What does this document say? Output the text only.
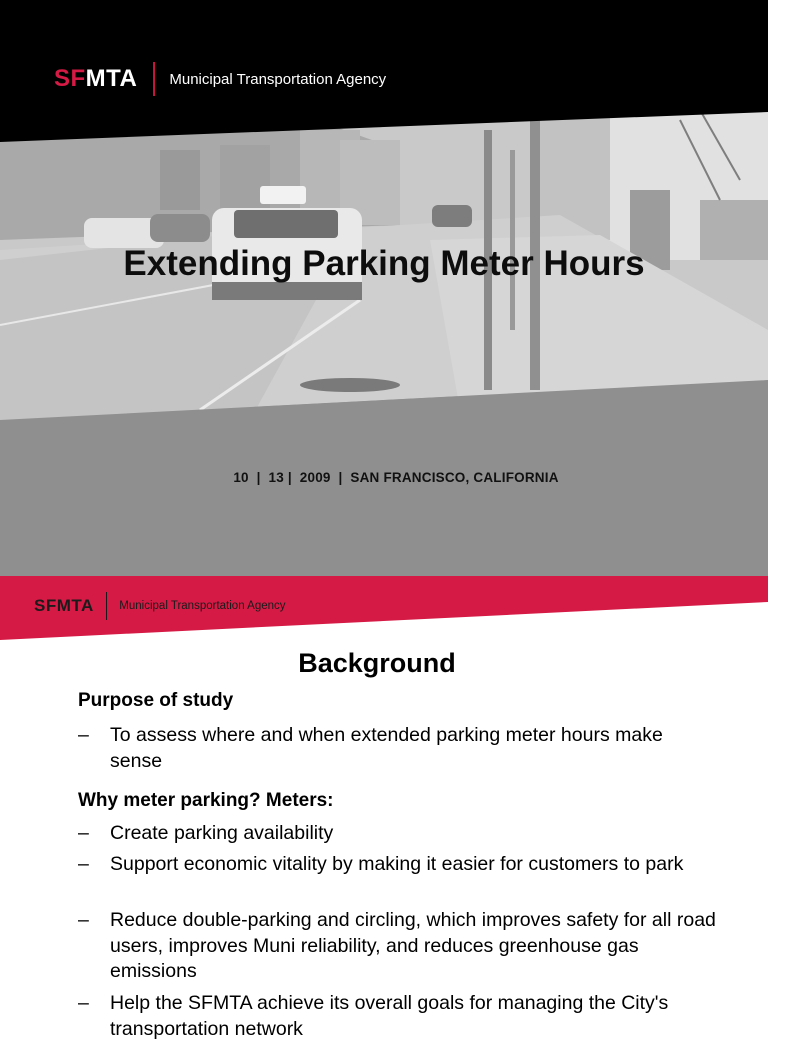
SF MTA Municipal Transportation Agency
Extending Parking Meter Hours
10  |  13 |  2009  |  SAN FRANCISCO, CALIFORNIA
SF MTA Municipal Transportation Agency
Background
Purpose of study
–	To assess where and when extended parking meter hours make sense
Why meter parking? Meters:
–	Create parking availability
–	Support economic vitality by making it easier for customers to park
–	Reduce double-parking and circling, which improves safety for all road users, improves Muni reliability, and reduces greenhouse gas emissions
–	Help the SFMTA achieve its overall goals for managing the City's transportation network
